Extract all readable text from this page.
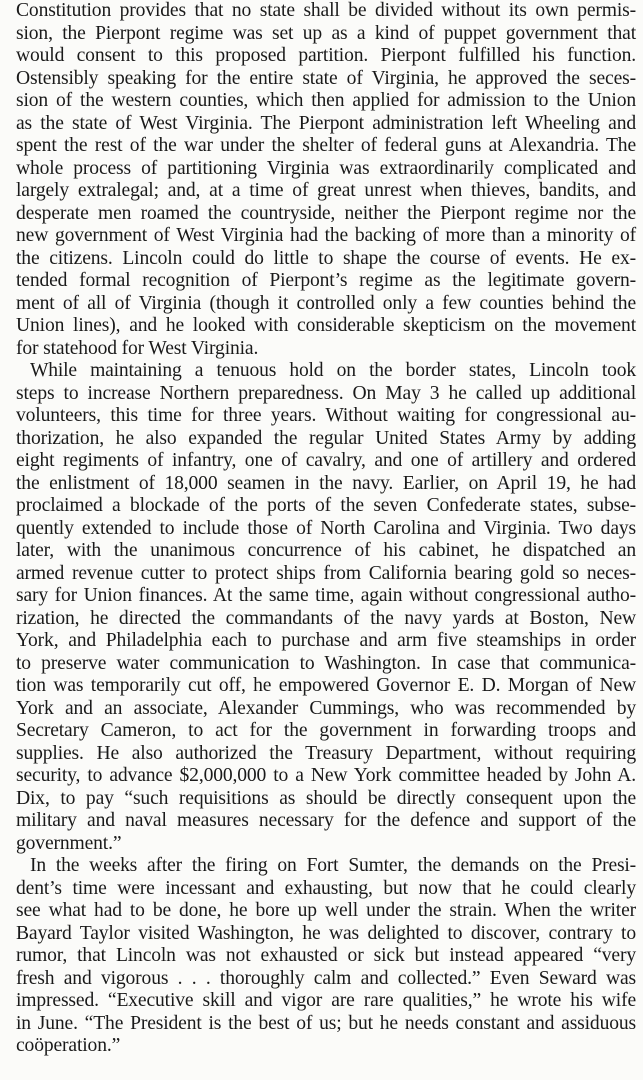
Constitution provides that no state shall be divided without its own permis-
sion, the Pierpont regime was set up as a kind of puppet government that
would consent to this proposed partition. Pierpont fulfilled his function.
Ostensibly speaking for the entire state of Virginia, he approved the seces-
sion of the western counties, which then applied for admission to the Union
as the state of West Virginia. The Pierpont administration left Wheeling and
spent the rest of the war under the shelter of federal guns at Alexandria. The
whole process of partitioning Virginia was extraordinarily complicated and
largely extralegal; and, at a time of great unrest when thieves, bandits, and
desperate men roamed the countryside, neither the Pierpont regime nor the
new government of West Virginia had the backing of more than a minority of
the citizens. Lincoln could do little to shape the course of events. He ex-
tended formal recognition of Pierpont’s regime as the legitimate govern-
ment of all of Virginia (though it controlled only a few counties behind the
Union lines), and he looked with considerable skepticism on the movement
for statehood for West Virginia.
While maintaining a tenuous hold on the border states, Lincoln took
steps to increase Northern preparedness. On May 3 he called up additional
volunteers, this time for three years. Without waiting for congressional au-
thorization, he also expanded the regular United States Army by adding
eight regiments of infantry, one of cavalry, and one of artillery and ordered
the enlistment of 18,000 seamen in the navy. Earlier, on April 19, he had
proclaimed a blockade of the ports of the seven Confederate states, subse-
quently extended to include those of North Carolina and Virginia. Two days
later, with the unanimous concurrence of his cabinet, he dispatched an
armed revenue cutter to protect ships from California bearing gold so neces-
sary for Union finances. At the same time, again without congressional autho-
rization, he directed the commandants of the navy yards at Boston, New
York, and Philadelphia each to purchase and arm five steamships in order
to preserve water communication to Washington. In case that communica-
tion was temporarily cut off, he empowered Governor E. D. Morgan of New
York and an associate, Alexander Cummings, who was recommended by
Secretary Cameron, to act for the government in forwarding troops and
supplies. He also authorized the Treasury Department, without requiring
security, to advance $2,000,000 to a New York committee headed by John A.
Dix, to pay “such requisitions as should be directly consequent upon the
military and naval measures necessary for the defence and support of the
government.”
In the weeks after the firing on Fort Sumter, the demands on the Presi-
dent’s time were incessant and exhausting, but now that he could clearly
see what had to be done, he bore up well under the strain. When the writer
Bayard Taylor visited Washington, he was delighted to discover, contrary to
rumor, that Lincoln was not exhausted or sick but instead appeared “very
fresh and vigorous . . . thoroughly calm and collected.” Even Seward was
impressed. “Executive skill and vigor are rare qualities,” he wrote his wife
in June. “The President is the best of us; but he needs constant and assiduous
coöperation.”
